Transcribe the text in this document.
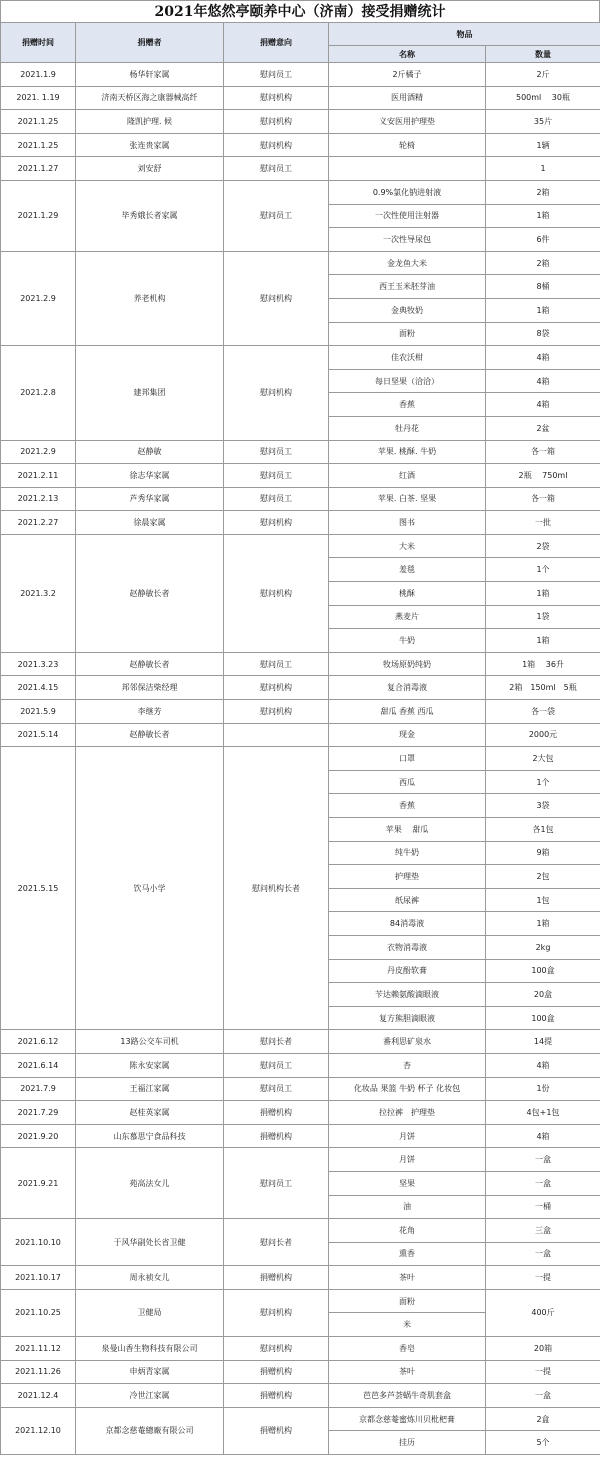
2021年悠然亭颐养中心（济南）接受捐赠统计
捐赠时间	捐赠者	捐赠意向	物品	
			名称	数量
2021.1.9	杨华轩家属	慰问员工	2斤橘子	2斤
2021. 1.19	济南天桥区海之康器械高纤	慰问机构	医用酒精	500ml　 30瓶
2021.1.25	隆凯护理. 候	慰问机构	义安医用护理垫	35片
2021.1.25	张连贵家属	慰问机构	轮椅	1辆
2021.1.27	刘安舒	慰问员工		1
2021.1.29	毕秀娥长者家属	慰问员工	0.9%氯化钠进射液	2箱
			一次性使用注射器	1箱
			一次性导尿包	6件
2021.2.9	养老机构	慰问机构	金龙鱼大米	2箱
			西王玉米胚芽油	8桶
			金典牧奶	1箱
			面粉	8袋
2021.2.8	建邦集团	慰问机构	佳农沃柑	4箱
			每日坚果（洽洽）	4箱
			香蕉	4箱
			牡丹花	2盆
2021.2.9	赵静敏	慰问员工	苹果. 桃酥. 牛奶	各一箱
2021.2.11	徐志华家属	慰问员工	红酒	2瓶　 750ml
2021.2.13	芦秀华家属	慰问员工	苹果. 白茶. 坚果	各一箱
2021.2.27	徐晨家属	慰问机构	图书	一批
2021.3.2	赵静敏长者	慰问机构	大米	2袋
			羞毯	1个
			桃酥	1箱
			燕麦片	1袋
			牛奶	1箱
2021.3.23	赵静敏长者	慰问员工	牧场原奶纯奶	1箱　 36升
2021.4.15	邦邻保洁柴经理	慰问机构	复合消毒液	2箱　150ml　5瓶
2021.5.9	李继芳	慰问机构	甜瓜 香蕉 西瓜	各一袋
2021.5.14	赵静敏长者		现金	2000元
2021.5.15	饮马小学	慰问机构长者	口罩	2大包
			西瓜	1个
			香蕉	3袋
			苹果　 甜瓜	各1包
			纯牛奶	9箱
			护理垫	2包
			纸尿裤	1包
			84消毒液	1箱
			衣物消毒液	2kg
			丹皮酚软膏	100盒
			苄达赖氨酸滴眼液	20盒
			复方熊胆滴眼液	100盒
2021.6.12	13路公交车司机	慰问长者	番利思矿泉水	14提
2021.6.14	陈永安家属	慰问员工	杏	4箱
2021.7.9	王福江家属	慰问员工	化妆品 果篮 牛奶 杯子 化妆包	1份
2021.7.29	赵桂英家属	捐赠机构	拉拉裤　护理垫	4包+1包
2021.9.20	山东慕思宁食品科技	捐赠机构	月饼	4箱
2021.9.21	苑高法女儿	慰问员工	月饼	一盒
			坚果	一盒
			油	一桶
2021.10.10	于风华副处长省卫健	慰问长者	花角	三盒
			熏香	一盒
2021.10.17	周永祯女儿	捐赠机构	茶叶	一提
2021.10.25	卫健局	慰问机构	面粉	400斤
			米	
2021.11.12	泉曼山香生物科技有限公司	慰问机构	香皂	20箱
2021.11.26	申炳青家属	捐赠机构	茶叶	一提
2021.12.4	冷世江家属	捐赠机构	芭芭多芦荟蜗牛奇肌套盒	一盒
2021.12.10	京都念慈菴總廠有限公司	捐赠机构	京都念慈菴蜜炼川贝枇杷膏	2盒
			挂历	5个
